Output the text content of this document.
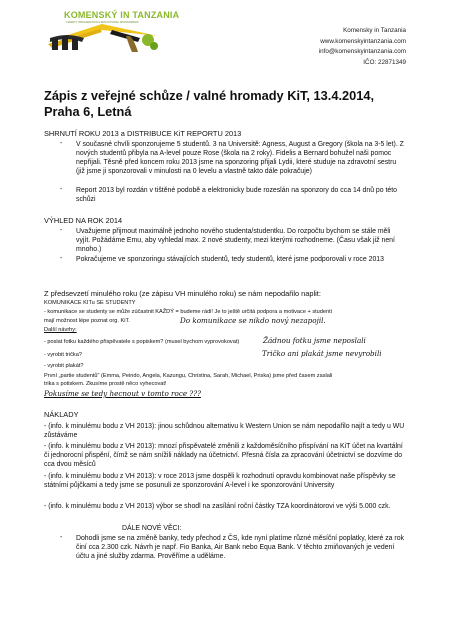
KOMENSKÝ IN TANZANIA
CHARITY ORGANIZATION & EDUCATIONAL SPONSORSHIP
Komensky in Tanzania
www.komenskyintanzania.com
info@komenskyintanzania.com
IČO: 22871349
Zápis z veřejné schůze / valné hromady KiT, 13.4.2014, Praha 6, Letná
SHRNUTÍ ROKU 2013 a DISTRIBUCE KiT REPORTU 2013
- V současné chvíli sponzorujeme 5 studentů. 3 na Universitě: Agness, August a Gregory (škola na 3-5 let). Z nových studentů přibyla na A-level pouze Rose (škola na 2 roky). Fidelis a Bernard bohužel naši pomoc nepřijali. Těsně před koncem roku 2013 jsme na sponzoring přijali Lydii, které studuje na zdravotní sestru (již jsme ji sponzorovali v minulosti na 0 levelu a vlastně takto dále pokračuje)
- Report 2013 byl rozdán v tištěné podobě a elektronicky bude rozeslán na sponzory do cca 14 dnů po této schůzi
VÝHLED NA ROK 2014
- Uvažujeme přijmout maximálně jednoho nového studenta/studentku. Do rozpočtu bychom se stále měli vyjít. Požádáme Emu, aby vyhledal max. 2 nové studenty, mezi kterými rozhodneme. (Času však již není mnoho.)
- Pokračujeme ve sponzoringu stávajících studentů, tedy studentů, které jsme podporovali v roce 2013
Z předsevzetí minulého roku (ze zápisu VH minulého roku) se nám nepodařilo naplit:
KOMUNIKACE KITu SE STUDENTY
- komunikace se studenty se může zúčastnit KAŽDÝ = budeme rádi! Je to ještě určitá podpora a motivace + studenti
mají možnost lépe poznat org. KiT.	Do komunikace se nikdo nový nezapojil.
Další návrhy:
- poslat fotku každého přispěvatele s popiskem? (musel bychom vyprovokovat)	Žádnou fotku jsme neposlali
- vyrobit trička?	Tričko ani plakát jsme nevyrobili
- vyrobit plakát?
První „partie studentů" (Emma, Peindo, Angela, Kazungu, Christina, Sarah, Michael, Priska) jsme před časem zaslali
trika s potiskem. Zkusíme prostě něco vyhecovat!
Pokusíme se tedy hecnout v tomto roce ???
NÁKLADY
- (info. k minulému bodu z VH 2013): jinou schůdnou alternativu k Western Union se nám nepodařilo najít a tedy u WU zůstáváme
- (info. k minulému bodu z VH 2013): mnozí přispěvatelé změnili z každoměsíčního přispívání na KiT účet na kvartální či jednorocní přispění, čímž se nám snížili náklady na účetnictví. Přesná čísla za zpracování účetnictví se dozvíme do cca dvou měsíců
- (info. k minulému bodu z VH 2013): v roce 2013 jsme dospěli k rozhodnutí opravdu kombinovat naše příspěvky se státními půjčkami a tedy jsme se posunuli ze sponzorování A-level i ke sponzorování University
- (info. k minulému bodu z VH 2013) výbor se shodl na zasílání roční částky TZA koordinátorovi ve výši 5.000 czk.
DÁLE NOVÉ VĚCI:
- Dohodli jsme se na změně banky, tedy přechod z ČS, kde nyní platíme různé měsíční poplatky, které za rok činí cca 2.300 czk. Návrh je např. Fio Banka, Air Bank nebo Equa Bank. V těchto zmiňovaných je vedení účtu a jiné služby zdarma. Prověříme a uděláme.
